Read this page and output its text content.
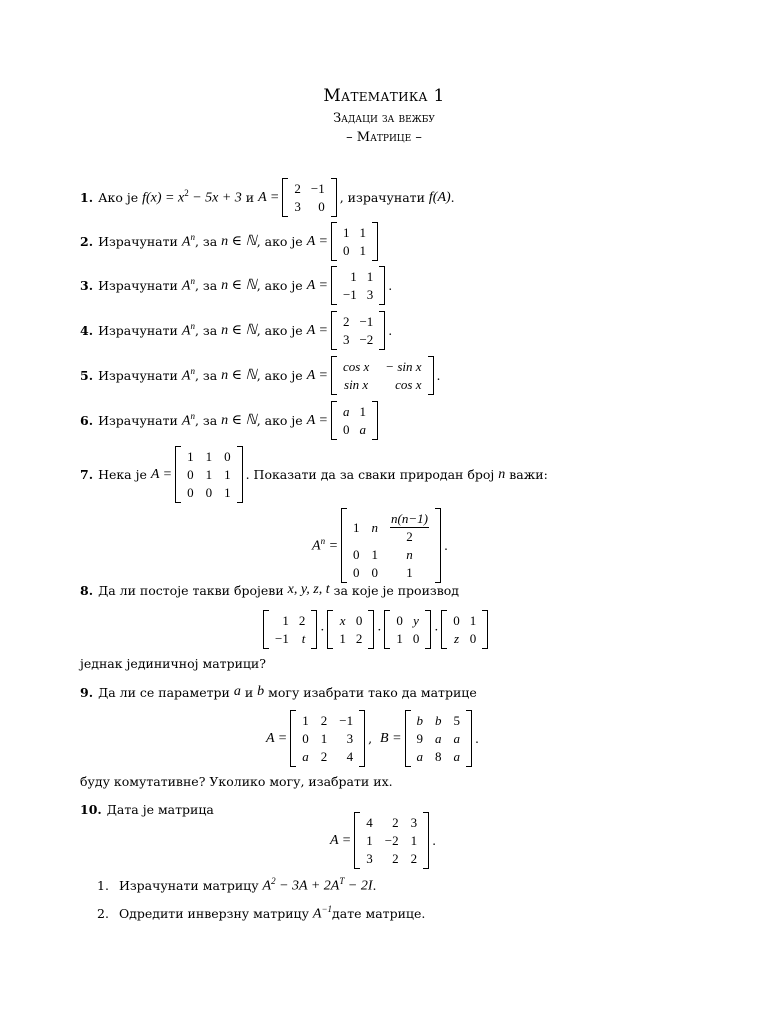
Математика 1
Задаци за вежбу
– Матрице –
1. Ако је
$f(x) = x^2 - 5x + 3$
и
A =
2 −1
3	0
, израчунати
f(A) .
2. Израчунати
$A^n$ , за
n ∈ ℕ , ако је
A =
1 1
0 1
3. Израчунати
$A^n$ , за
n ∈ ℕ , ако је
A =
1 1
−1 3
.
4. Израчунати
$A^n$ , за
n ∈ ℕ , ако је
A =
2 −1
3 −2
.
5. Израчунати
$A^n$ , за
n ∈ ℕ , ако је
A =
cos x − sin x
sin x	cos x
.
6. Израчунати
$A^n$ , за
n ∈ ℕ , ако је
A =
a 1
0 a
7. Нека је
A =
1 1 0
0 1 1
0 0 1
. Показати да за сваки природан број
n
важи:
$A^n$ =
1 n $\frac{n(n-1)}{2}$
0 1	n
0 0	1
.
8. Да ли постоје такви бројеви
x, y, z, t
за које је производ
1 2
−1 t
·
x 0
1 2
·
0 y
1 0
·
0 1
z 0
једнак јединичној матрици?
9. Да ли се параметри
a
и
b
могу изабрати тако да матрице
A =
1 2 −1
0 1	3
a 2	4
,
B =
b b 5
9 a a
a 8 a
.
буду комутативне? Уколико могу, изабрати их.
10. Дата је матрица
A =
4	2 3
1 −2 1
3	2 2
.
1. Израчунати матрицу
$A^2 - 3A + 2A^T - 2I$ .
2. Одредити инверзну матрицу
$A^{-1}$ дате матрице.
